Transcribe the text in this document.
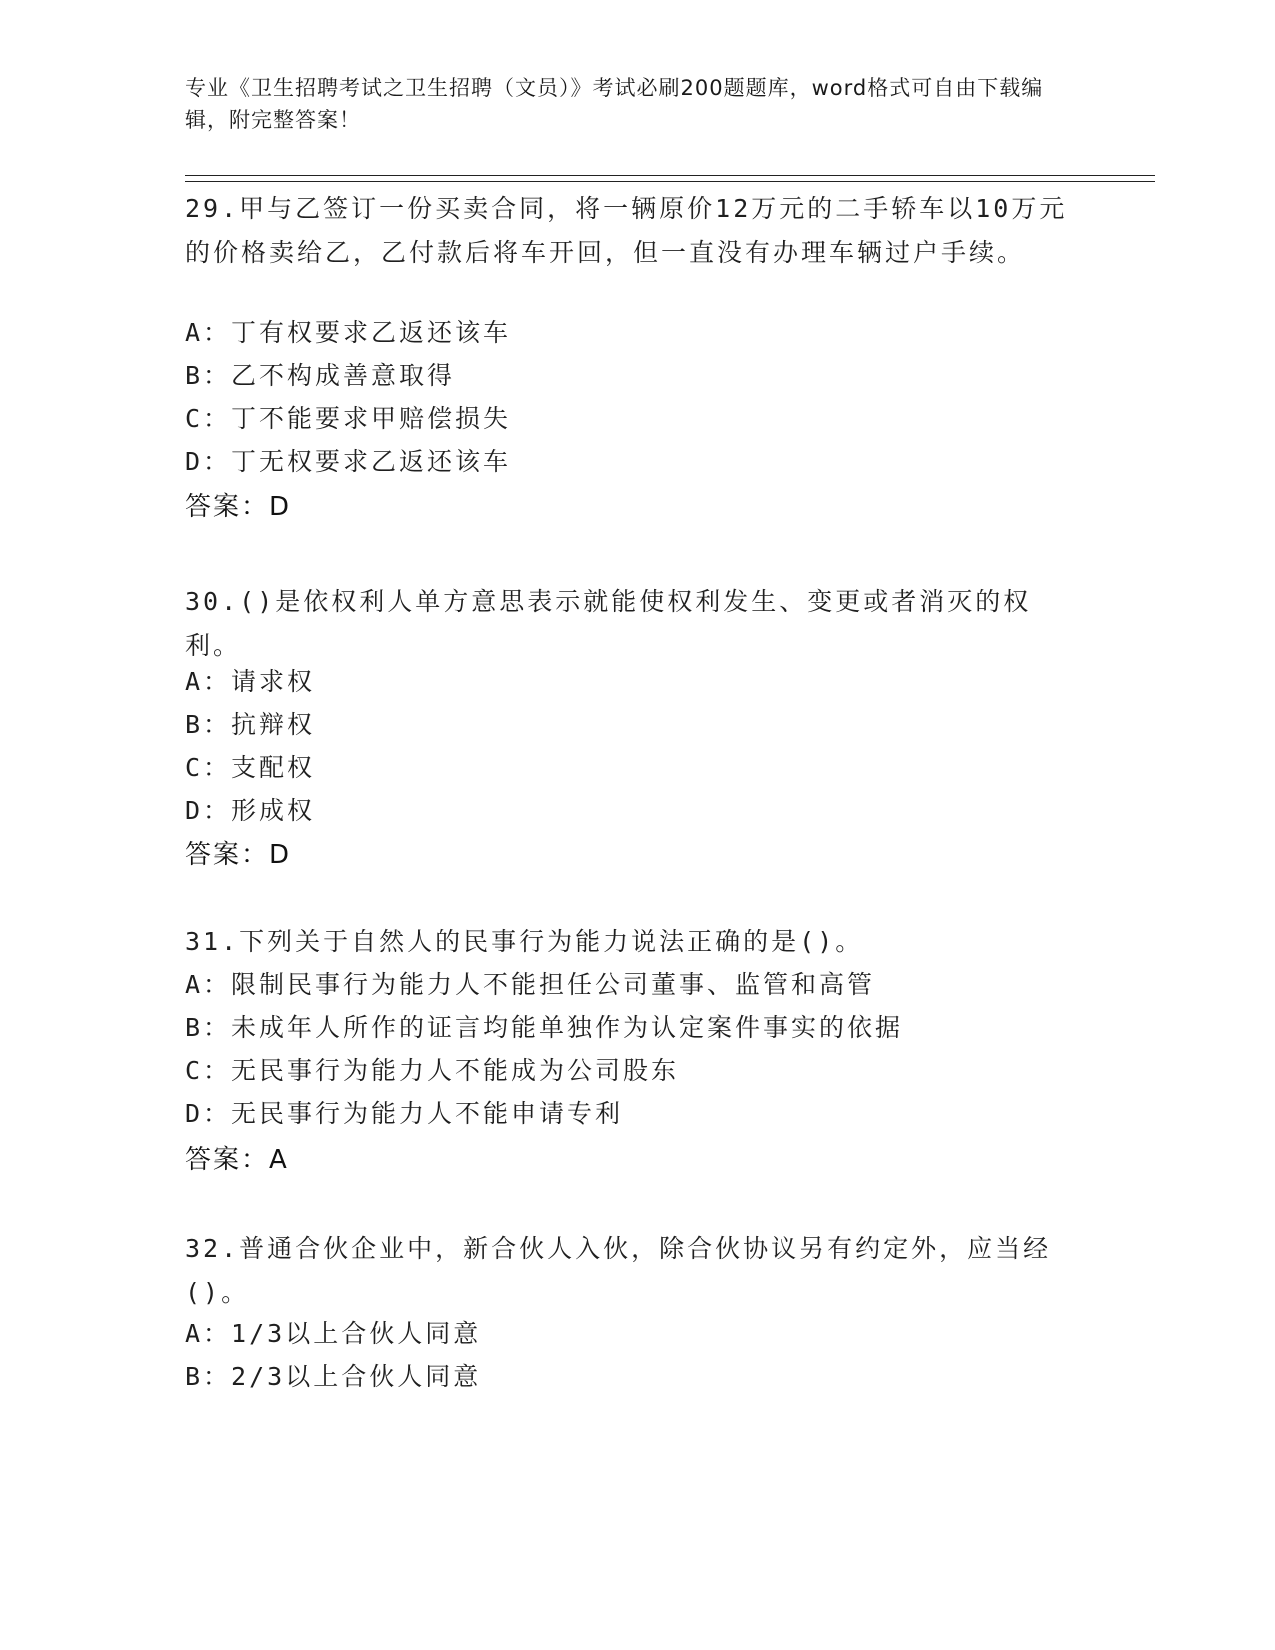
专业《卫生招聘考试之卫生招聘（文员）》考试必刷200题题库，word格式可自由下载编辑，附完整答案！
29.甲与乙签订一份买卖合同，将一辆原价12万元的二手轿车以10万元的价格卖给乙，乙付款后将车开回，但一直没有办理车辆过户手续。
A：丁有权要求乙返还该车
B：乙不构成善意取得
C：丁不能要求甲赔偿损失
D：丁无权要求乙返还该车
答案：D
30.()是依权利人单方意思表示就能使权利发生、变更或者消灭的权利。
A：请求权
B：抗辩权
C：支配权
D：形成权
答案：D
31.下列关于自然人的民事行为能力说法正确的是()。
A：限制民事行为能力人不能担任公司董事、监管和高管
B：未成年人所作的证言均能单独作为认定案件事实的依据
C：无民事行为能力人不能成为公司股东
D：无民事行为能力人不能申请专利
答案：A
32.普通合伙企业中，新合伙人入伙，除合伙协议另有约定外，应当经()。
A：1/3以上合伙人同意
B：2/3以上合伙人同意
